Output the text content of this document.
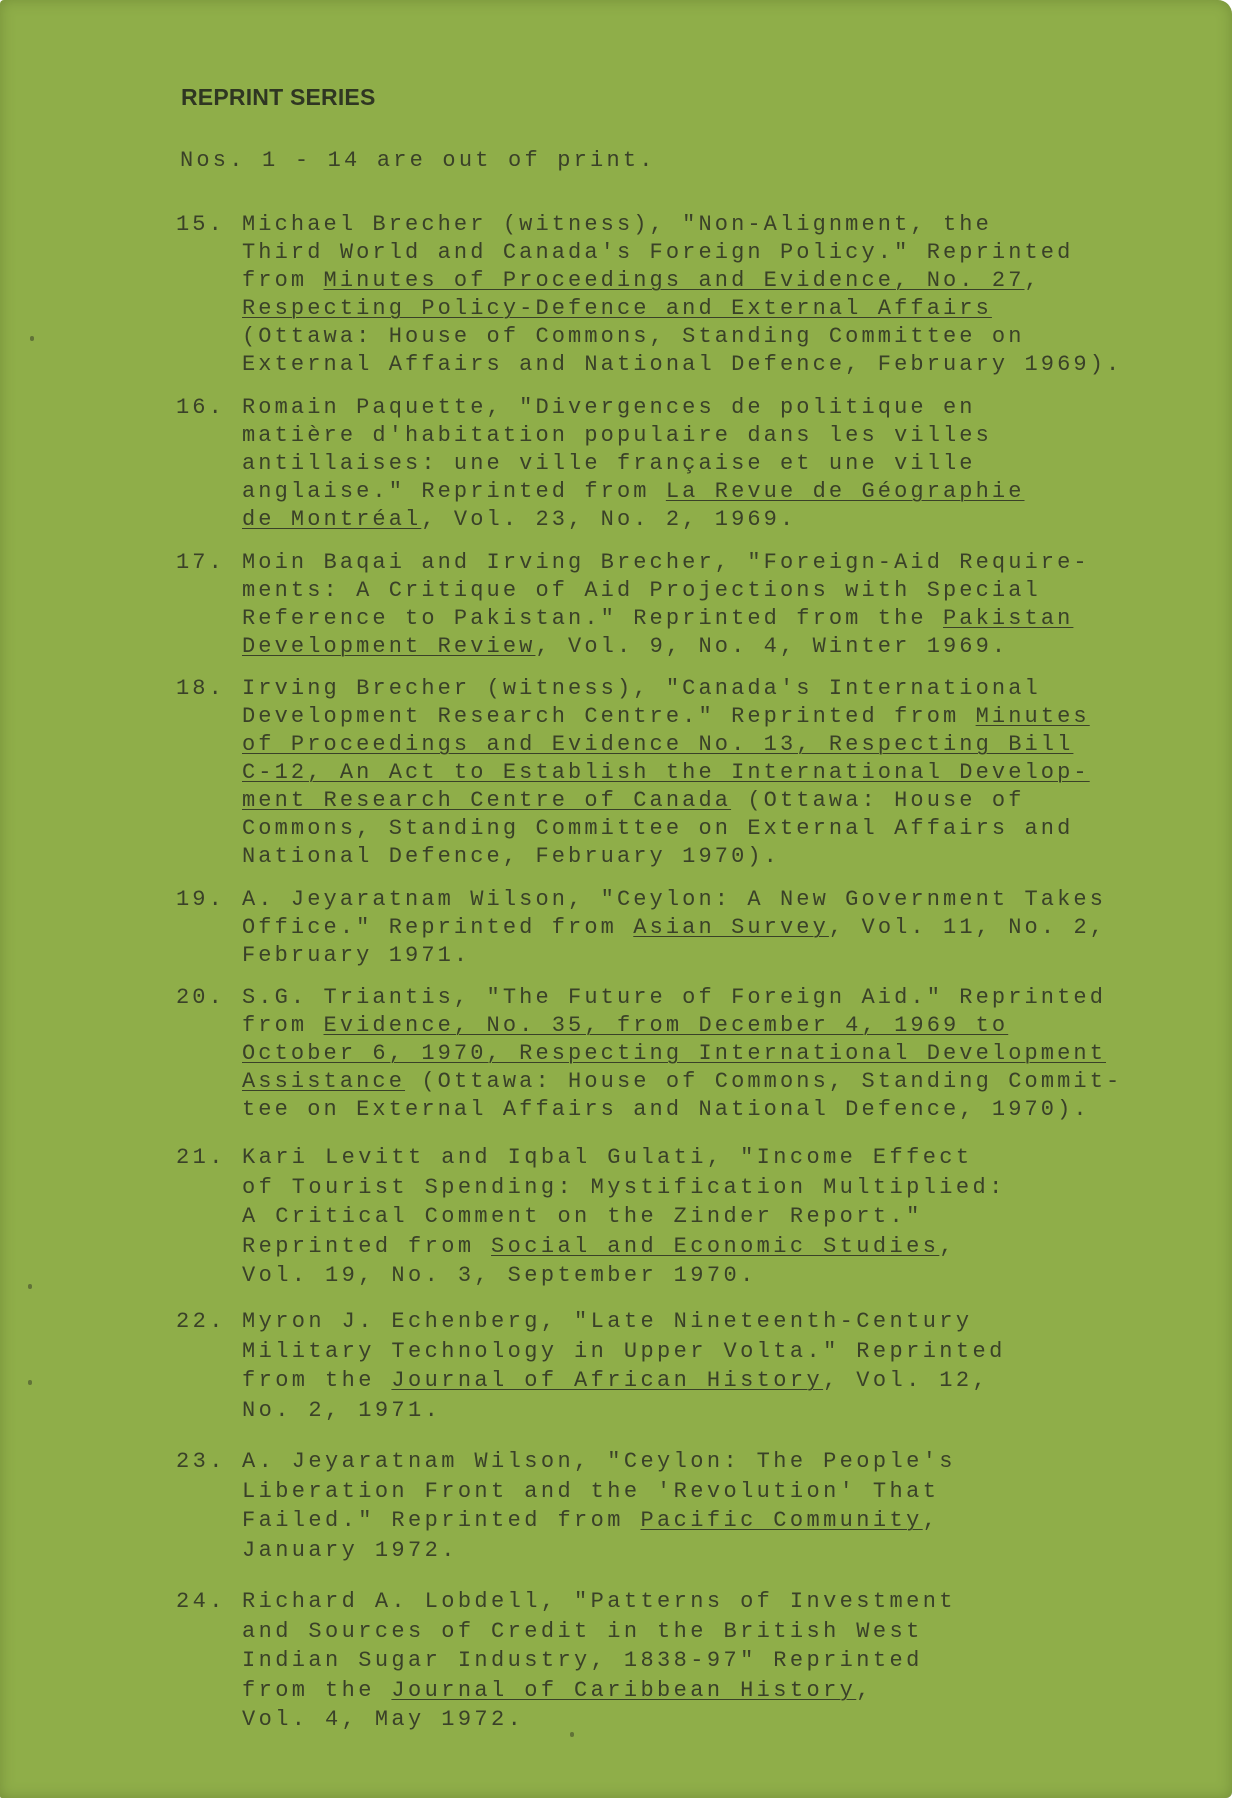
REPRINT SERIES

Nos. 1 - 14 are out of print.

15. Michael Brecher (witness), "Non-Alignment, the
Third World and Canada's Foreign Policy." Reprinted
from Minutes of Proceedings and Evidence, No. 27,
Respecting Policy-Defence and External Affairs
(Ottawa: House of Commons, Standing Committee on
External Affairs and National Defence, February 1969).
16. Romain Paquette, "Divergences de politique en
matière d'habitation populaire dans les villes
antillaises: une ville française et une ville
anglaise." Reprinted from La Revue de Géographie
de Montréal, Vol. 23, No. 2, 1969.
17. Moin Baqai and Irving Brecher, "Foreign-Aid Require-
ments: A Critique of Aid Projections with Special
Reference to Pakistan." Reprinted from the Pakistan
Development Review, Vol. 9, No. 4, Winter 1969.
18. Irving Brecher (witness), "Canada's International
Development Research Centre." Reprinted from Minutes
of Proceedings and Evidence No. 13, Respecting Bill
C-12, An Act to Establish the International Develop-
ment Research Centre of Canada (Ottawa: House of
Commons, Standing Committee on External Affairs and
National Defence, February 1970).
19. A. Jeyaratnam Wilson, "Ceylon: A New Government Takes
Office." Reprinted from Asian Survey, Vol. 11, No. 2,
February 1971.
20. S.G. Triantis, "The Future of Foreign Aid." Reprinted
from Evidence, No. 35, from December 4, 1969 to
October 6, 1970, Respecting International Development
Assistance (Ottawa: House of Commons, Standing Commit-
tee on External Affairs and National Defence, 1970).
21. Kari Levitt and Iqbal Gulati, "Income Effect
of Tourist Spending: Mystification Multiplied:
A Critical Comment on the Zinder Report."
Reprinted from Social and Economic Studies,
Vol. 19, No. 3, September 1970.
22. Myron J. Echenberg, "Late Nineteenth-Century
Military Technology in Upper Volta." Reprinted
from the Journal of African History, Vol. 12,
No. 2, 1971.
23. A. Jeyaratnam Wilson, "Ceylon: The People's
Liberation Front and the 'Revolution' That
Failed." Reprinted from Pacific Community,
January 1972.
24. Richard A. Lobdell, "Patterns of Investment
and Sources of Credit in the British West
Indian Sugar Industry, 1838-97" Reprinted
from the Journal of Caribbean History,
Vol. 4, May 1972.
